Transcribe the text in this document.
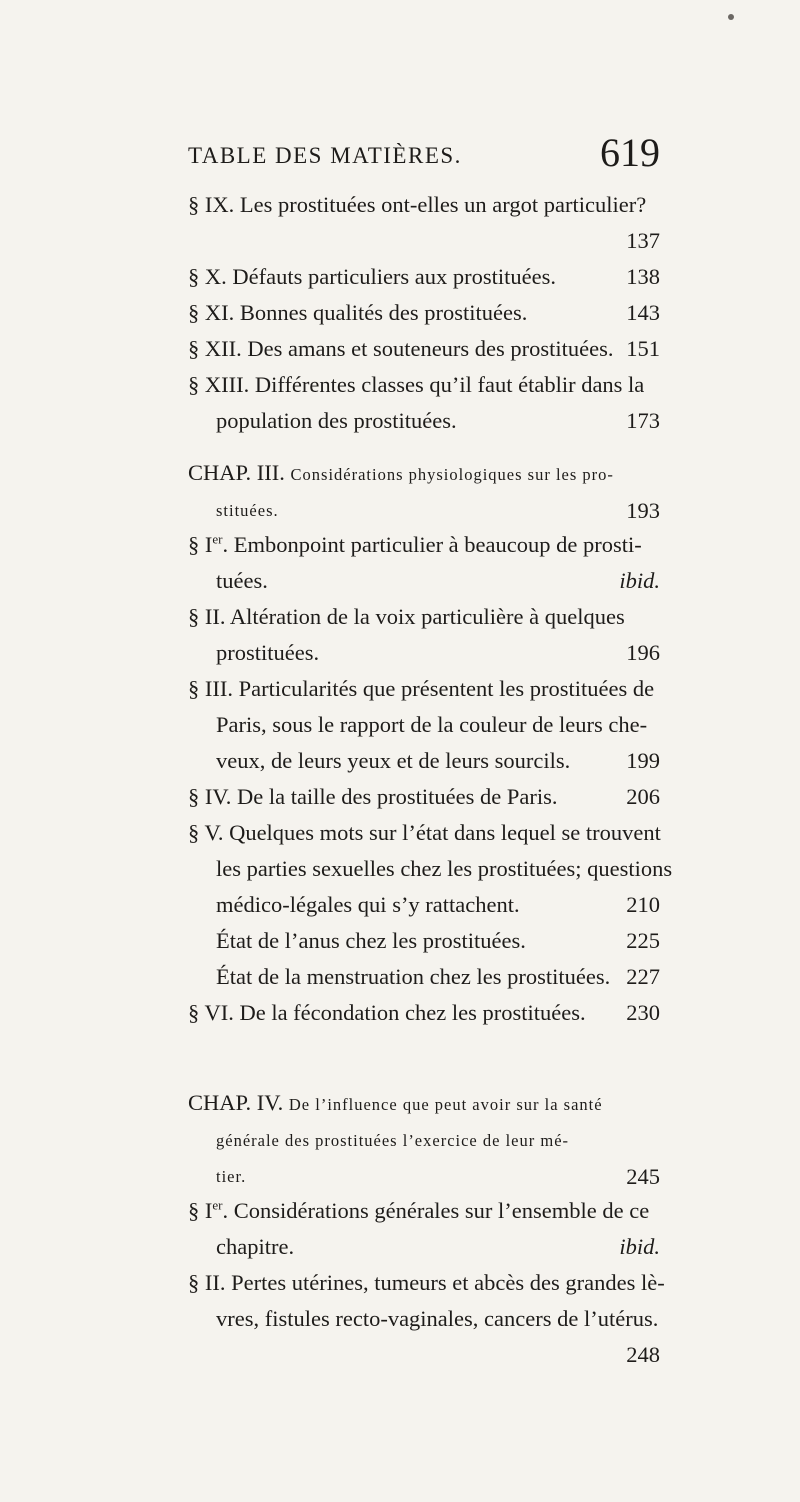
TABLE DES MATIÈRES.	619
§ IX. Les prostituées ont-elles un argot particulier?
137
§ X. Défauts particuliers aux prostituées.	138
§ XI. Bonnes qualités des prostituées.	143
§ XII. Des amans et souteneurs des prostituées. 151
§ XIII. Différentes classes qu’il faut établir dans la
population des prostituées.	173
CHAP. III. Considérations physiologiques sur les pro-
stituées.	193
§ Ier. Embonpoint particulier à beaucoup de prosti-
tuées.	ibid.
§ II. Altération de la voix particulière à quelques
prostituées.	196
§ III. Particularités que présentent les prostituées de
Paris, sous le rapport de la couleur de leurs che-
veux, de leurs yeux et de leurs sourcils. 199
§ IV. De la taille des prostituées de Paris.	206
§ V. Quelques mots sur l’état dans lequel se trouvent
les parties sexuelles chez les prostituées; questions
médico-légales qui s’y rattachent.	210
État de l’anus chez les prostituées.	225
État de la menstruation chez les prostituées. 227
§ VI. De la fécondation chez les prostituées. 230
CHAP. IV. De l’influence que peut avoir sur la santé
générale des prostituées l’exercice de leur mé-
tier.	245
§ Ier. Considérations générales sur l’ensemble de ce
chapitre.	ibid.
§ II. Pertes utérines, tumeurs et abcès des grandes lè-
vres, fistules recto-vaginales, cancers de l’utérus.
248
